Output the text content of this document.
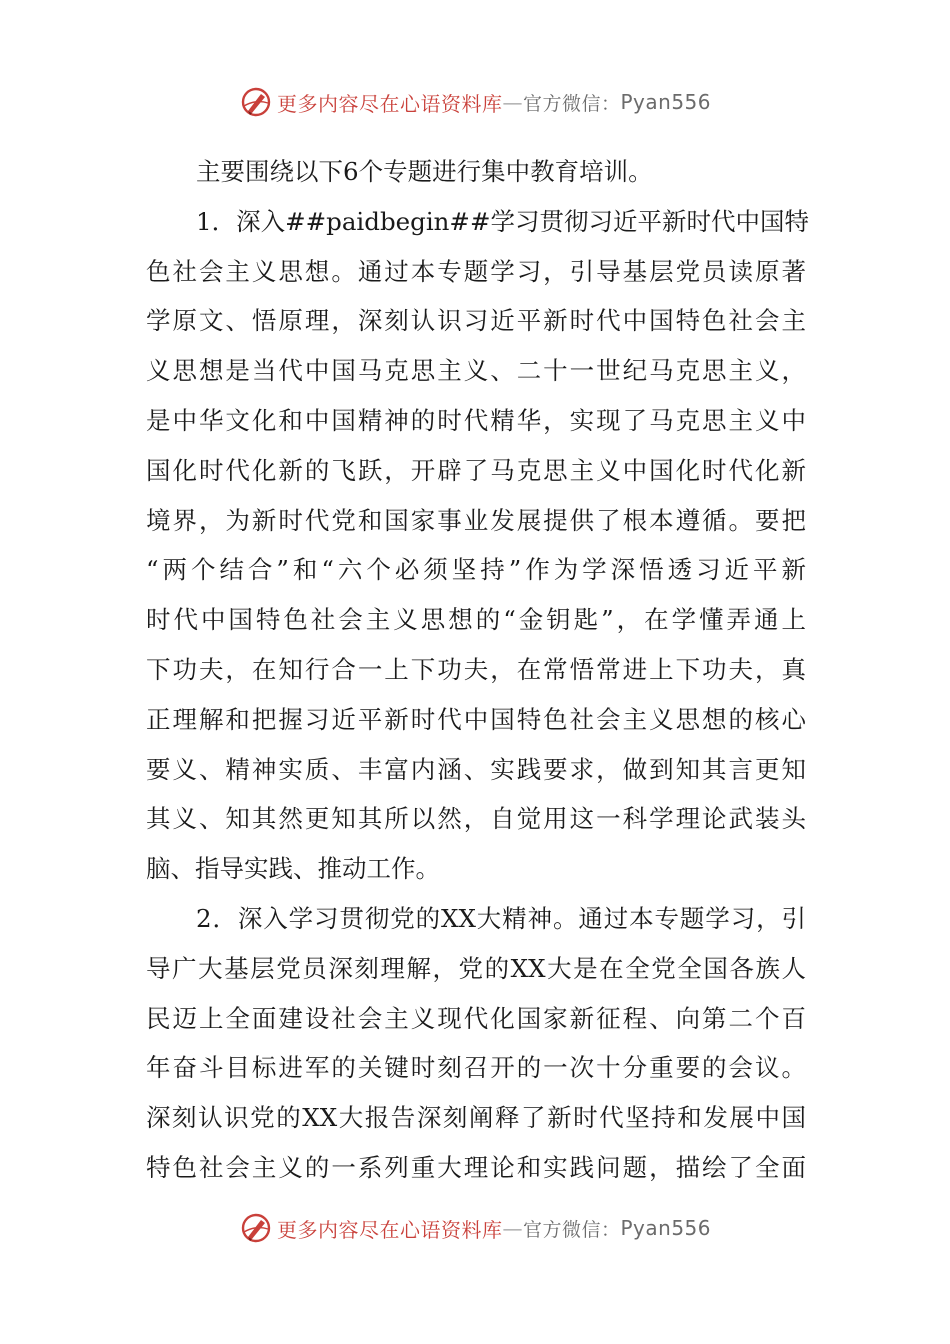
更多内容尽在心语资料库 — 官方微信： Pyan556
主要围绕以下6个专题进行集中教育培训。
1．深入##paidbegin##学习贯彻习近平新时代中国特
色社会主义思想。通过本专题学习，引导基层党员读原著
学原文、悟原理，深刻认识习近平新时代中国特色社会主
义思想是当代中国马克思主义、二十一世纪马克思主义，
是中华文化和中国精神的时代精华，实现了马克思主义中
国化时代化新的飞跃，开辟了马克思主义中国化时代化新
境界，为新时代党和国家事业发展提供了根本遵循。要把
“两个结合”和“六个必须坚持”作为学深悟透习近平新
时代中国特色社会主义思想的“金钥匙”，在学懂弄通上
下功夫，在知行合一上下功夫，在常悟常进上下功夫，真
正理解和把握习近平新时代中国特色社会主义思想的核心
要义、精神实质、丰富内涵、实践要求，做到知其言更知
其义、知其然更知其所以然，自觉用这一科学理论武装头
脑、指导实践、推动工作。
2．深入学习贯彻党的XX大精神。通过本专题学习，引
导广大基层党员深刻理解，党的XX大是在全党全国各族人
民迈上全面建设社会主义现代化国家新征程、向第二个百
年奋斗目标进军的关键时刻召开的一次十分重要的会议。
深刻认识党的XX大报告深刻阐释了新时代坚持和发展中国
特色社会主义的一系列重大理论和实践问题，描绘了全面
更多内容尽在心语资料库 — 官方微信： Pyan556
